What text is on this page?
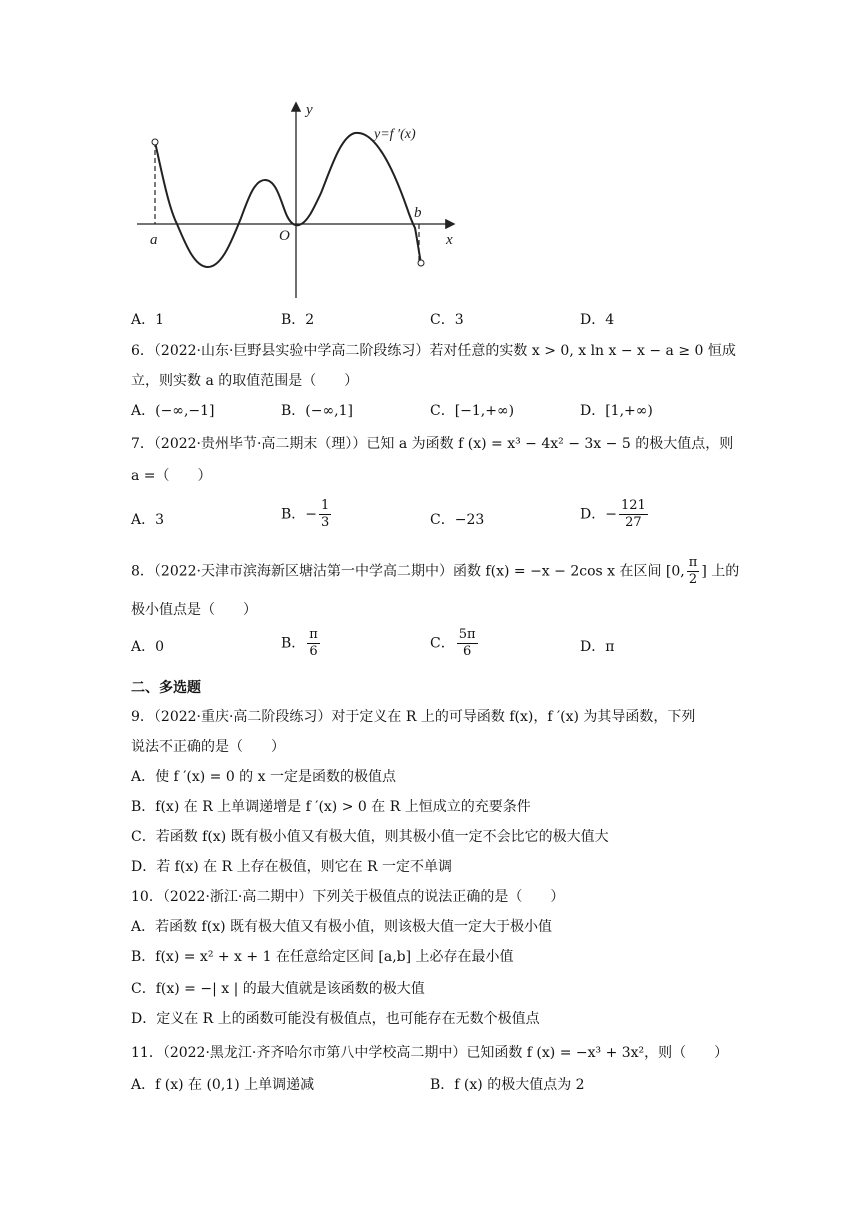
y
x
O
a
b
y=f ′(x)
A．1	B．2	C．3	D．4
6．（2022·山东·巨野县实验中学高二阶段练习）若对任意的实数 x > 0, x ln x − x − a ≥ 0 恒成
立，则实数 a 的取值范围是（　　）
A．(−∞,−1]	B．(−∞,1]	C．[−1,+∞)	D．[1,+∞)
7．（2022·贵州毕节·高二期末（理））已知 a 为函数 f (x) = x³ − 4x² − 3x − 5 的极大值点，则
a =（　　）
A．3	B．− $\frac{1}{3}$	C．−23	D．− $\frac{121}{27}$
8．（2022·天津市滨海新区塘沽第一中学高二期中）函数 f(x) = −x − 2cos x 在区间 [0, $\frac{\pi}{2}$ ] 上的
极小值点是（　　）
A．0	B． $\frac{\pi}{6}$	C． $\frac{5\pi}{6}$	D．π
二、多选题
9．（2022·重庆·高二阶段练习）对于定义在 R 上的可导函数 f(x)，f ′(x) 为其导函数，下列
说法不正确的是（　　）
A．使 f ′(x) = 0 的 x 一定是函数的极值点
B．f(x) 在 R 上单调递增是 f ′(x) > 0 在 R 上恒成立的充要条件
C．若函数 f(x) 既有极小值又有极大值，则其极小值一定不会比它的极大值大
D．若 f(x) 在 R 上存在极值，则它在 R 一定不单调
10．（2022·浙江·高二期中）下列关于极值点的说法正确的是（　　）
A．若函数 f(x) 既有极大值又有极小值，则该极大值一定大于极小值
B．f(x) = x² + x + 1 在任意给定区间 [a,b] 上必存在最小值
C．f(x) = −| x | 的最大值就是该函数的极大值
D．定义在 R 上的函数可能没有极值点，也可能存在无数个极值点
11．（2022·黑龙江·齐齐哈尔市第八中学校高二期中）已知函数 f (x) = −x³ + 3x²，则（　　）
A．f (x) 在 (0,1) 上单调递减	B．f (x) 的极大值点为 2
